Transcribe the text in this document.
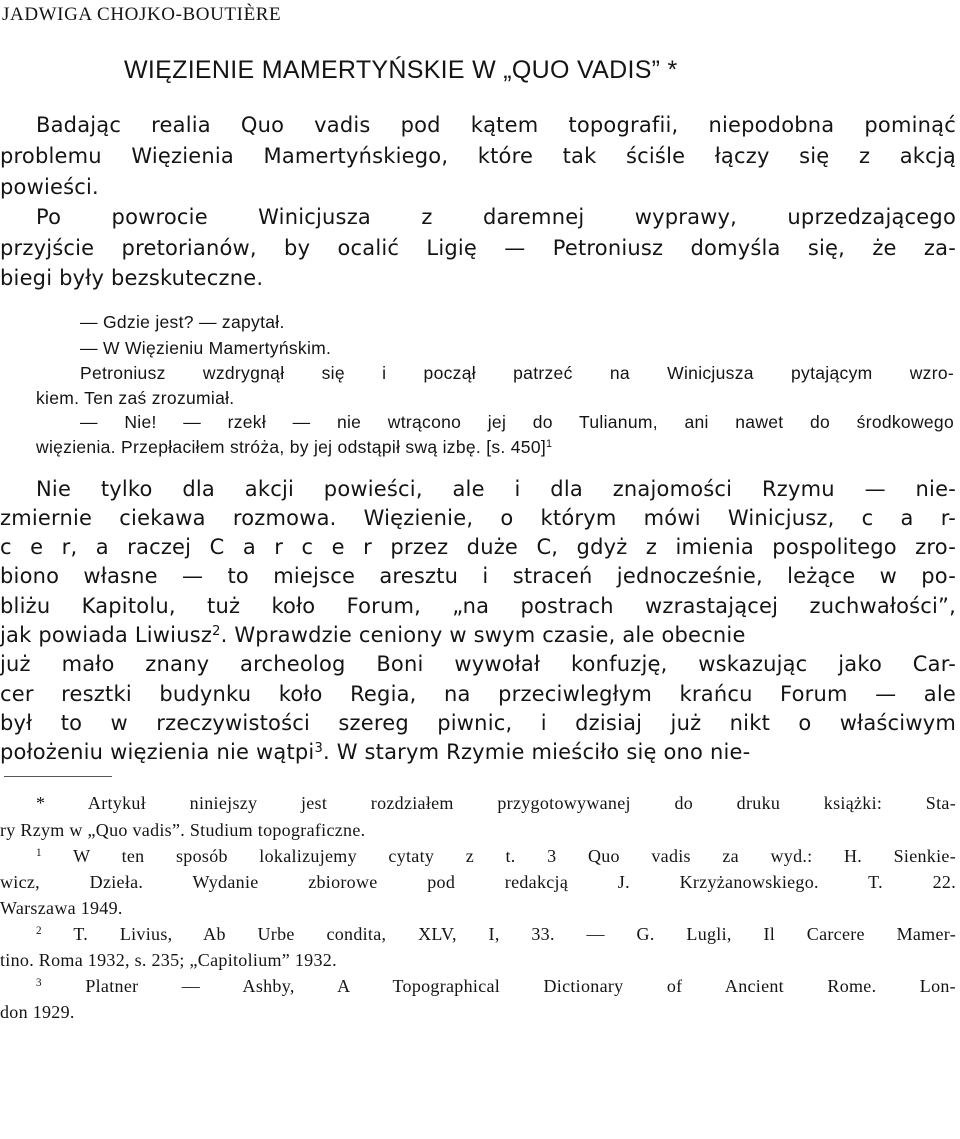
JADWIGA CHOJKO-BOUTIÈRE
WIĘZIENIE MAMERTYŃSKIE W „QUO VADIS” *
Badając realia Quo vadis pod kątem topografii, niepodobna pominąć
problemu Więzienia Mamertyńskiego, które tak ściśle łączy się z akcją
powieści.
Po powrocie Winicjusza z daremnej wyprawy, uprzedzającego
przyjście pretorianów, by ocalić Ligię — Petroniusz domyśla się, że za-
biegi były bezskuteczne.
— Gdzie jest? — zapytał.
— W Więzieniu Mamertyńskim.
Petroniusz wzdrygnął się i począł patrzeć na Winicjusza pytającym wzro-
kiem. Ten zaś zrozumiał.
— Nie! — rzekł — nie wtrącono jej do Tulianum, ani nawet do środkowego
więzienia. Przepłaciłem stróża, by jej odstąpił swą izbę. [s. 450]$^1$
Nie tylko dla akcji powieści, ale i dla znajomości Rzymu — nie-
zmiernie ciekawa rozmowa. Więzienie, o którym mówi Winicjusz, c a r-
c e r, a raczej C a r c e r przez duże C, gdyż z imienia pospolitego zro-
biono własne — to miejsce aresztu i straceń jednocześnie, leżące w po-
bliżu Kapitolu, tuż koło Forum, „na postrach wzrastającej zuchwałości”,
jak powiada Liwiusz$^2$. Wprawdzie ceniony w swym czasie, ale obecnie
już mało znany archeolog Boni wywołał konfuzję, wskazując jako Car-
cer resztki budynku koło Regia, na przeciwległym krańcu Forum — ale
był to w rzeczywistości szereg piwnic, i dzisiaj już nikt o właściwym
położeniu więzienia nie wątpi$^3$. W starym Rzymie mieściło się ono nie-
* Artykuł niniejszy jest rozdziałem przygotowywanej do druku książki: Sta-
ry Rzym w „Quo vadis”. Studium topograficzne.
$^1$ W ten sposób lokalizujemy cytaty z t. 3 Quo vadis za wyd.: H. Sienkie-
wicz, Dzieła. Wydanie zbiorowe pod redakcją J. Krzyżanowskiego. T. 22.
Warszawa 1949.
$^2$ T. Livius, Ab Urbe condita, XLV, I, 33. — G. Lugli, Il Carcere Mamer-
tino. Roma 1932, s. 235; „Capitolium” 1932.
$^3$ Platner — Ashby, A Topographical Dictionary of Ancient Rome. Lon-
don 1929.
